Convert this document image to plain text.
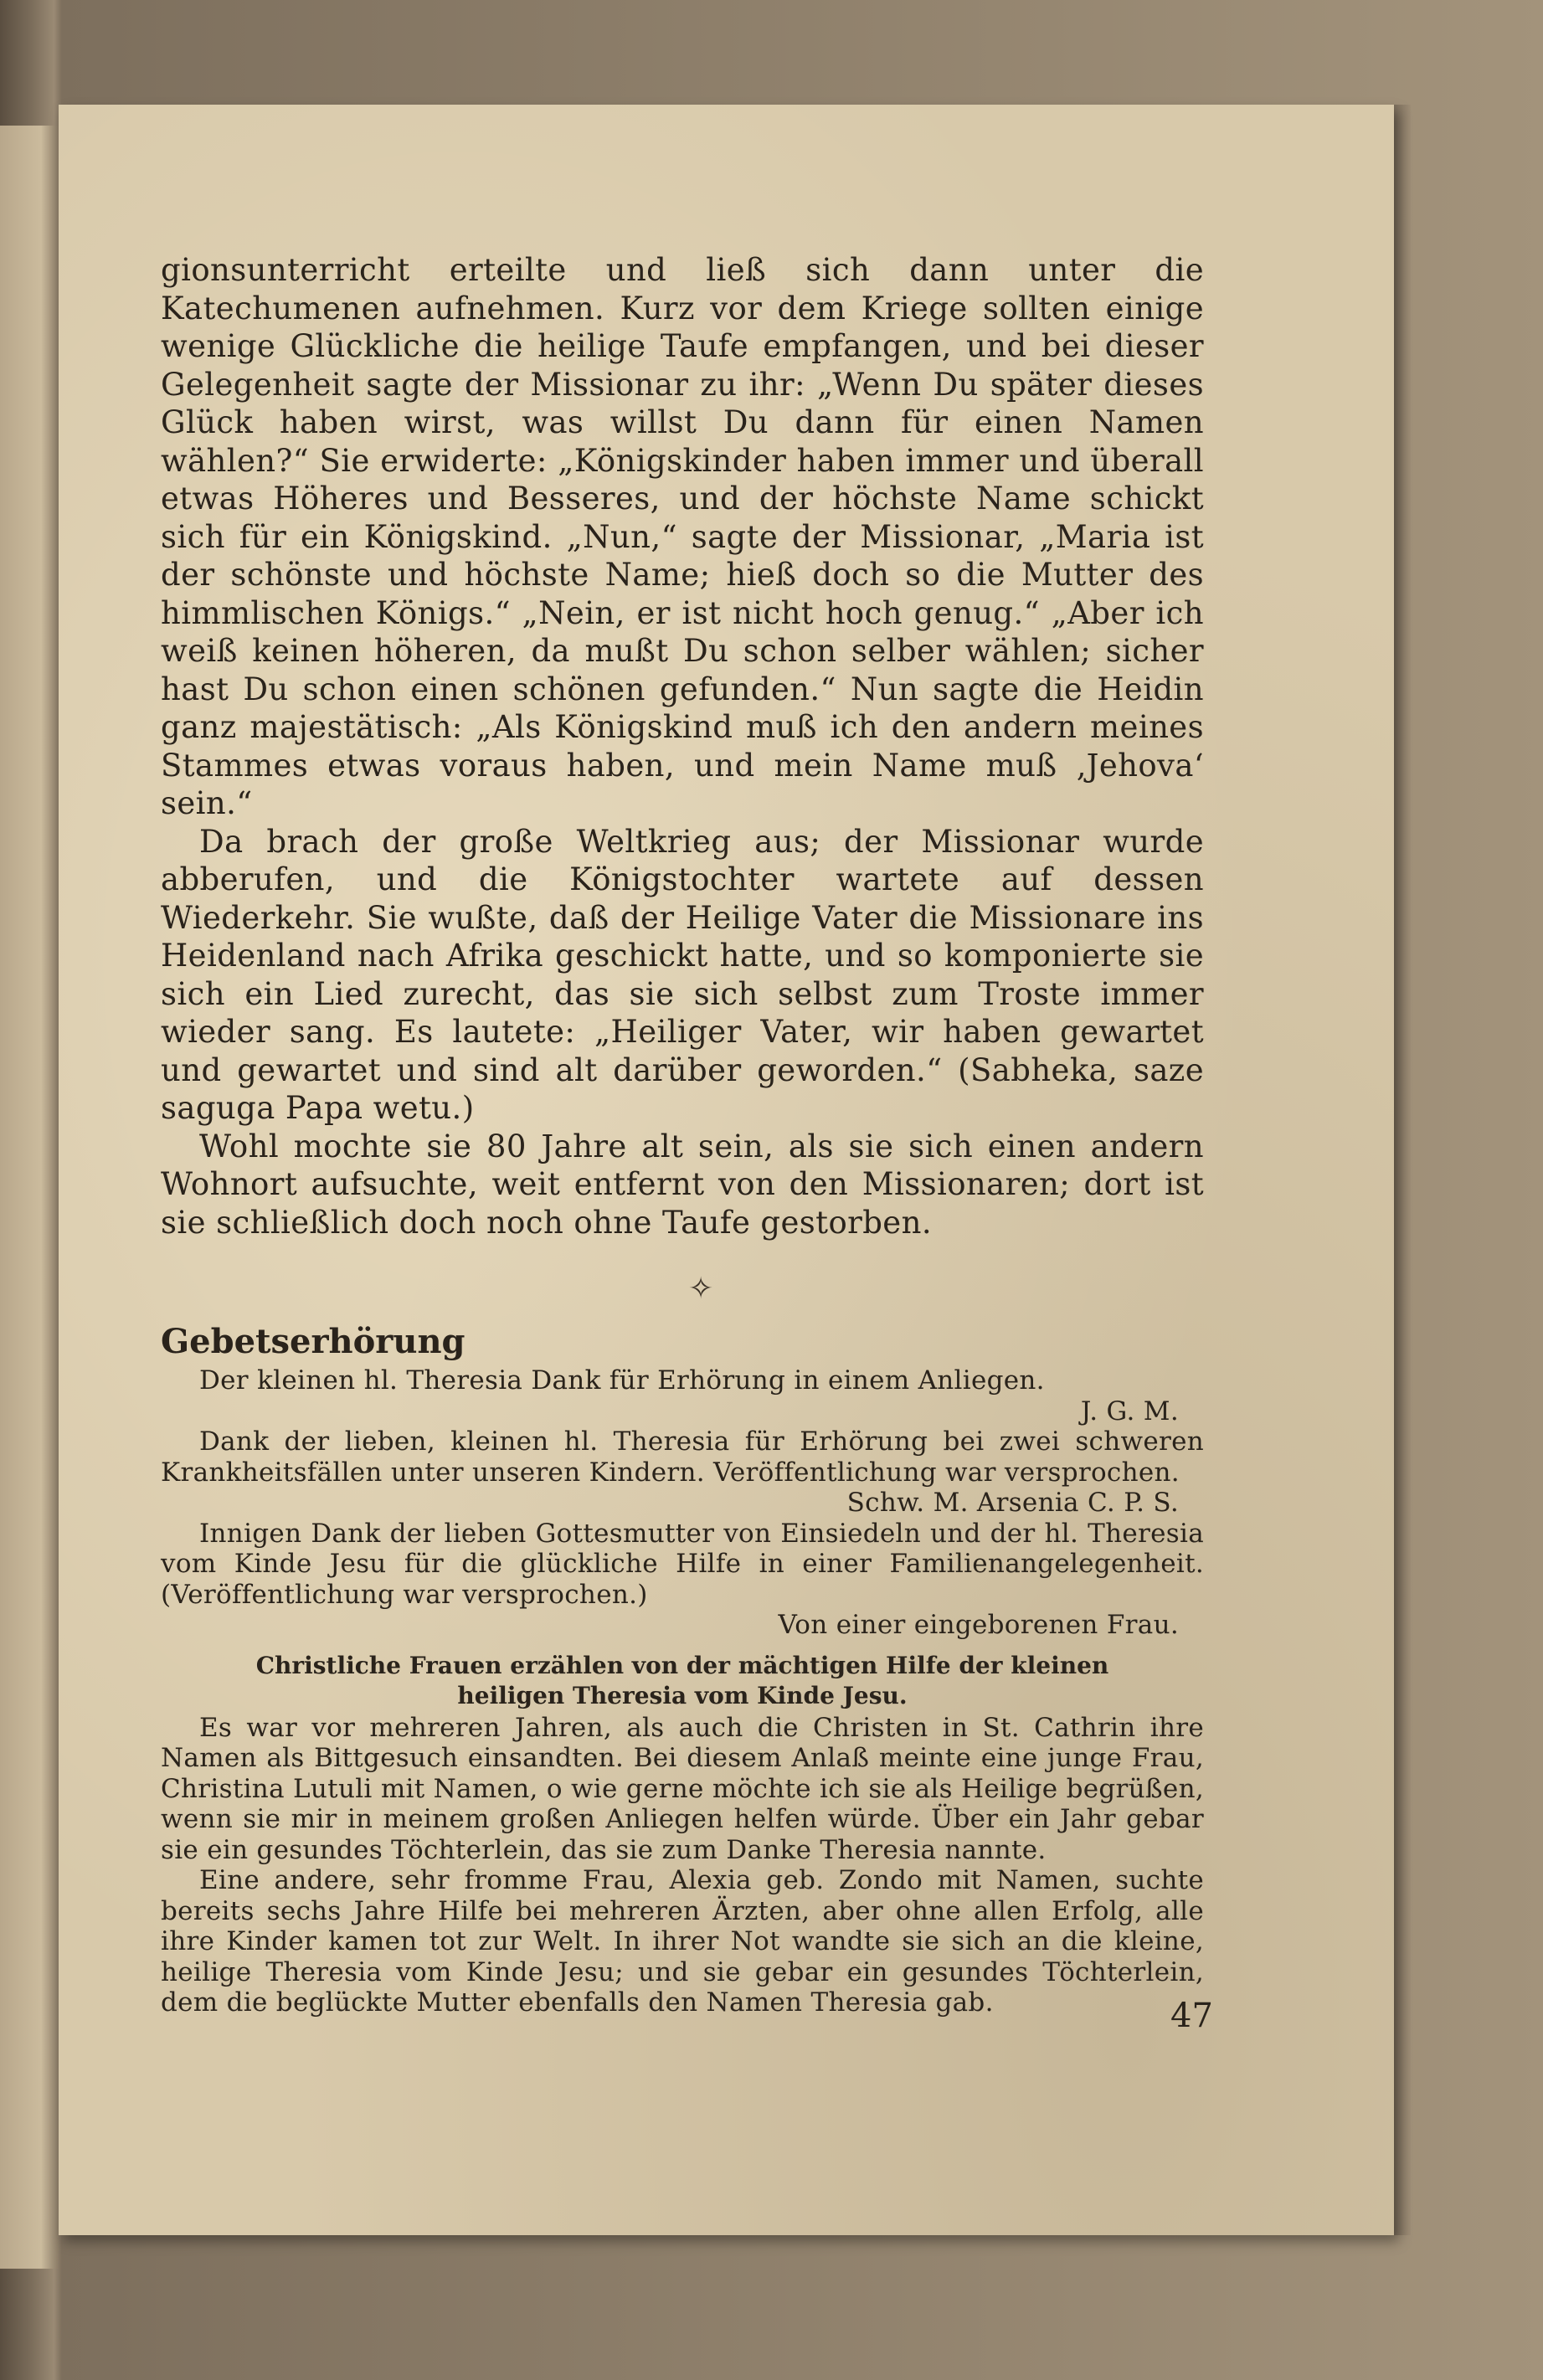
gionsunterricht erteilte und ließ sich dann unter die Katechumenen aufnehmen. Kurz vor dem Kriege sollten einige wenige Glückliche die heilige Taufe empfangen, und bei dieser Gelegenheit sagte der Missionar zu ihr: „Wenn Du später dieses Glück haben wirst, was willst Du dann für einen Namen wählen?“ Sie erwiderte: „Königskinder haben immer und überall etwas Höheres und Besseres, und der höchste Name schickt sich für ein Königskind. „Nun,“ sagte der Missionar, „Maria ist der schönste und höchste Name; hieß doch so die Mutter des himmlischen Königs.“ „Nein, er ist nicht hoch genug.“ „Aber ich weiß keinen höheren, da mußt Du schon selber wählen; sicher hast Du schon einen schönen gefunden.“ Nun sagte die Heidin ganz majestätisch: „Als Königskind muß ich den andern meines Stammes etwas voraus haben, und mein Name muß ‚Jehova‘ sein.“

Da brach der große Weltkrieg aus; der Missionar wurde abberufen, und die Königstochter wartete auf dessen Wiederkehr. Sie wußte, daß der Heilige Vater die Missionare ins Heidenland nach Afrika geschickt hatte, und so komponierte sie sich ein Lied zurecht, das sie sich selbst zum Troste immer wieder sang. Es lautete: „Heiliger Vater, wir haben gewartet und gewartet und sind alt darüber geworden.“ (Sabheka, saze saguga Papa wetu.)

Wohl mochte sie 80 Jahre alt sein, als sie sich einen andern Wohnort aufsuchte, weit entfernt von den Missionaren; dort ist sie schließlich doch noch ohne Taufe gestorben.

✧
Gebetserhörung

Der kleinen hl. Theresia Dank für Erhörung in einem Anliegen.

J. G. M.

Dank der lieben, kleinen hl. Theresia für Erhörung bei zwei schweren Krankheitsfällen unter unseren Kindern. Veröffentlichung war versprochen.

Schw. M. Arsenia C. P. S.

Innigen Dank der lieben Gottesmutter von Einsiedeln und der hl. Theresia vom Kinde Jesu für die glückliche Hilfe in einer Familienangelegenheit. (Veröffentlichung war versprochen.)

Von einer eingeborenen Frau.

Christliche Frauen erzählen von der mächtigen Hilfe der kleinen
heiligen Theresia vom Kinde Jesu.

Es war vor mehreren Jahren, als auch die Christen in St. Cathrin ihre Namen als Bittgesuch einsandten. Bei diesem Anlaß meinte eine junge Frau, Christina Lutuli mit Namen, o wie gerne möchte ich sie als Heilige begrüßen, wenn sie mir in meinem großen Anliegen helfen würde. Über ein Jahr gebar sie ein gesundes Töchterlein, das sie zum Danke Theresia nannte.

Eine andere, sehr fromme Frau, Alexia geb. Zondo mit Namen, suchte bereits sechs Jahre Hilfe bei mehreren Ärzten, aber ohne allen Erfolg, alle ihre Kinder kamen tot zur Welt. In ihrer Not wandte sie sich an die kleine, heilige Theresia vom Kinde Jesu; und sie gebar ein gesundes Töchterlein, dem die beglückte Mutter ebenfalls den Namen Theresia gab.	47
